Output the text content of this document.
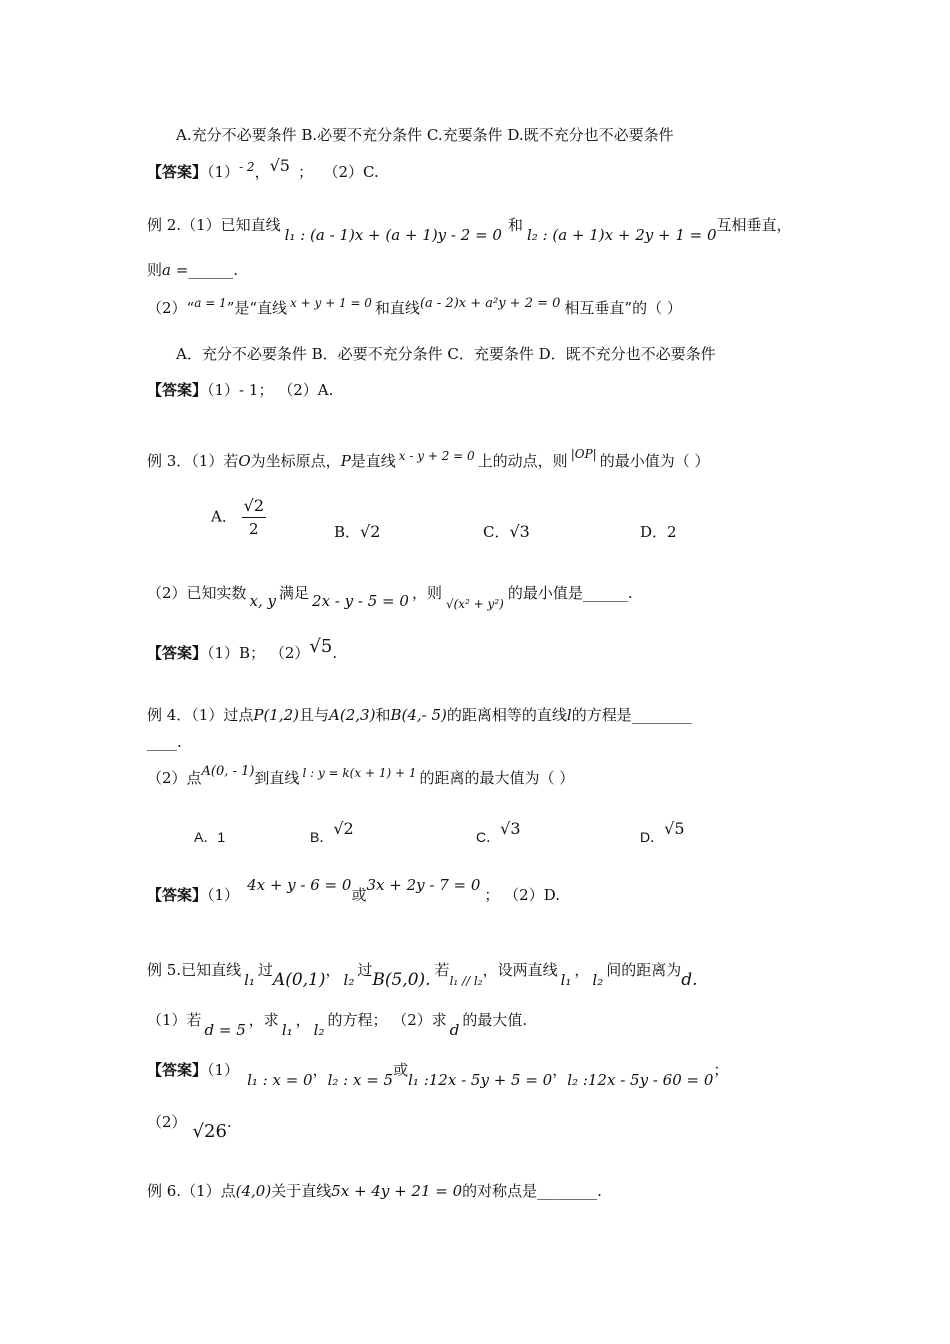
A.充分不必要条件 B.必要不充分条件 C.充要条件 D.既不充分也不必要条件
【答案】$(1)^{- 2}$，√5 ； （2）C.
例 2.（1）已知直线l₁ : (a - 1)x + (a + 1)y - 2 = 0和l₂ : (a + 1)x + 2y + 1 = 0互相垂直，
则a =______.
（2）“$^{a = 1}$”是“直线 $^{x + y + 1 = 0}$ 和直线(a - 2)x + a²y + 2 = 0 相互垂直”的（ ）
A．充分不必要条件 B．必要不充分条件 C．充要条件 D．既不充分也不必要条件
【答案】（1）- 1； （2）A.
例 3．（1）若O为坐标原点，P是直线 $^{x - y + 2 = 0}$ 上的动点，则 $^{|OP|}$ 的最小值为（ ）
A． $\frac{√2}{2}$	B．√2	C．√3	D．2
（2）已知实数 x, y 满足 2x - y - 5 = 0 ，则$_{√(x^2 + y^2)}$的最小值是______.
【答案】（1）B； （2）√5.
例 4．（1）过点P(1,2)且与A(2,3)和B(4,- 5)的距离相等的直线l的方程是________
____.
（2）点A(0, - 1)到直线 $^{l : y = k(x + 1) + 1}$ 的距离的最大值为（ ）
A．1	B．√2	C．√3	D．√5
【答案】（1）4x + y - 6 = 0或3x + 2y - 7 = 0； （2）D.
例 5.已知直线l₁过A(0,1)，l₂过B(5,0). 若$_{l_1 // l_2}$，设两直线l₁，l₂间的距离为d.
（1）若d = 5，求l₁，l₂的方程； （2）求d的最大值.
【答案】（1）l₁ : x = 0，l₂ : x = 5或l₁ :12x - 5y + 5 = 0，l₂ :12x - 5y - 60 = 0；
（2） √26.
例 6.（1）点(4,0)关于直线5x + 4y + 21 = 0的对称点是________.
